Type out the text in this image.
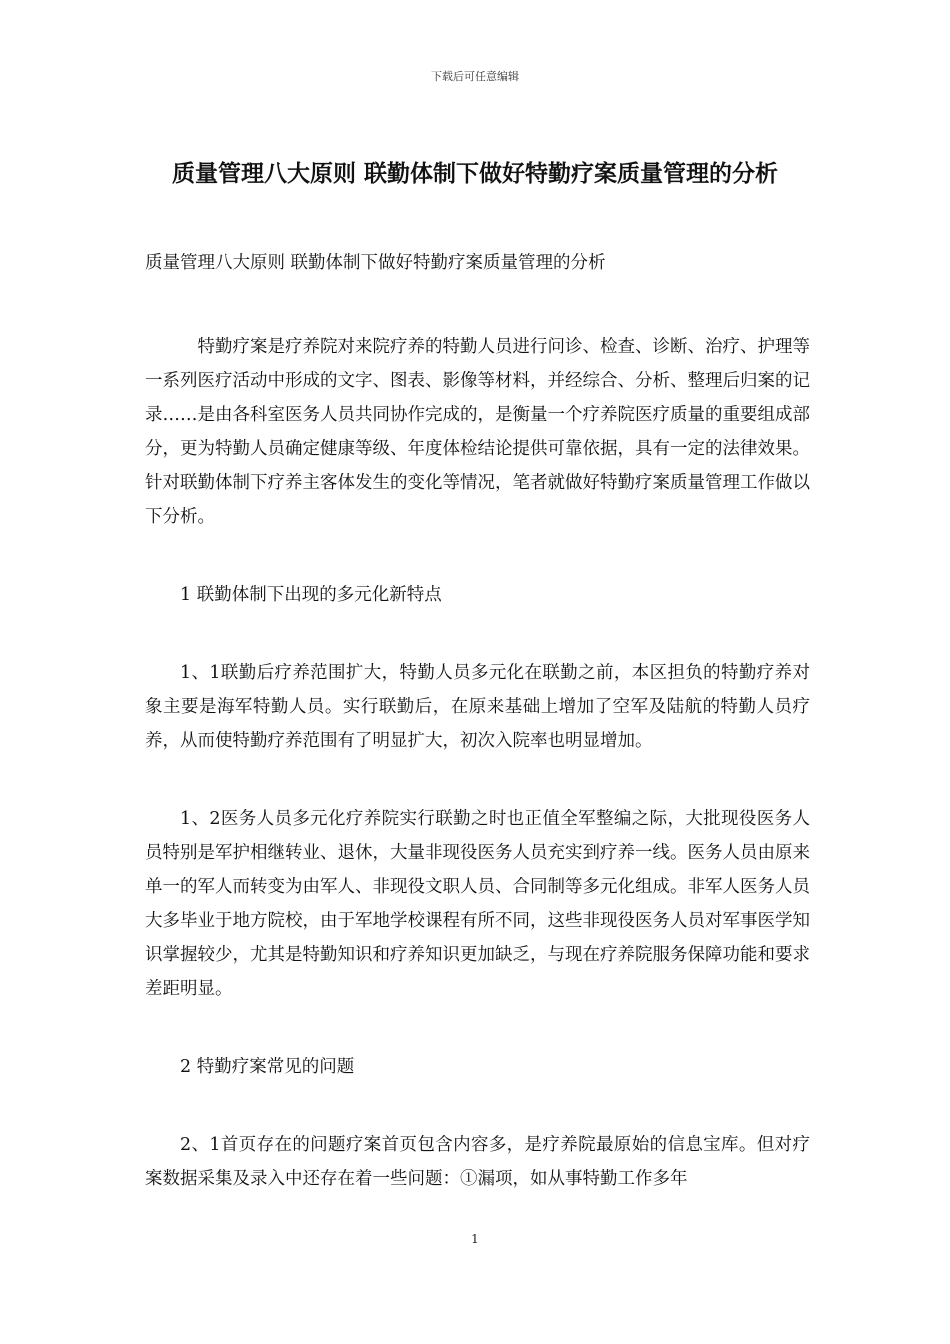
下载后可任意编辑
质量管理八大原则 联勤体制下做好特勤疗案质量管理的分析

质量管理八大原则 联勤体制下做好特勤疗案质量管理的分析

特勤疗案是疗养院对来院疗养的特勤人员进行问诊、检查、诊断、治疗、护理等一系列医疗活动中形成的文字、图表、影像等材料，并经综合、分析、整理后归案的记录……是由各科室医务人员共同协作完成的，是衡量一个疗养院医疗质量的重要组成部分，更为特勤人员确定健康等级、年度体检结论提供可靠依据，具有一定的法律效果。针对联勤体制下疗养主客体发生的变化等情况，笔者就做好特勤疗案质量管理工作做以下分析。

1 联勤体制下出现的多元化新特点

1、1联勤后疗养范围扩大，特勤人员多元化在联勤之前，本区担负的特勤疗养对象主要是海军特勤人员。实行联勤后，在原来基础上增加了空军及陆航的特勤人员疗养，从而使特勤疗养范围有了明显扩大，初次入院率也明显增加。

1、2医务人员多元化疗养院实行联勤之时也正值全军整编之际，大批现役医务人员特别是军护相继转业、退休，大量非现役医务人员充实到疗养一线。医务人员由原来单一的军人而转变为由军人、非现役文职人员、合同制等多元化组成。非军人医务人员大多毕业于地方院校，由于军地学校课程有所不同，这些非现役医务人员对军事医学知识掌握较少，尤其是特勤知识和疗养知识更加缺乏，与现在疗养院服务保障功能和要求差距明显。

2 特勤疗案常见的问题

2、1首页存在的问题疗案首页包含内容多，是疗养院最原始的信息宝库。但对疗案数据采集及录入中还存在着一些问题：①漏项，如从事特勤工作多年

1
